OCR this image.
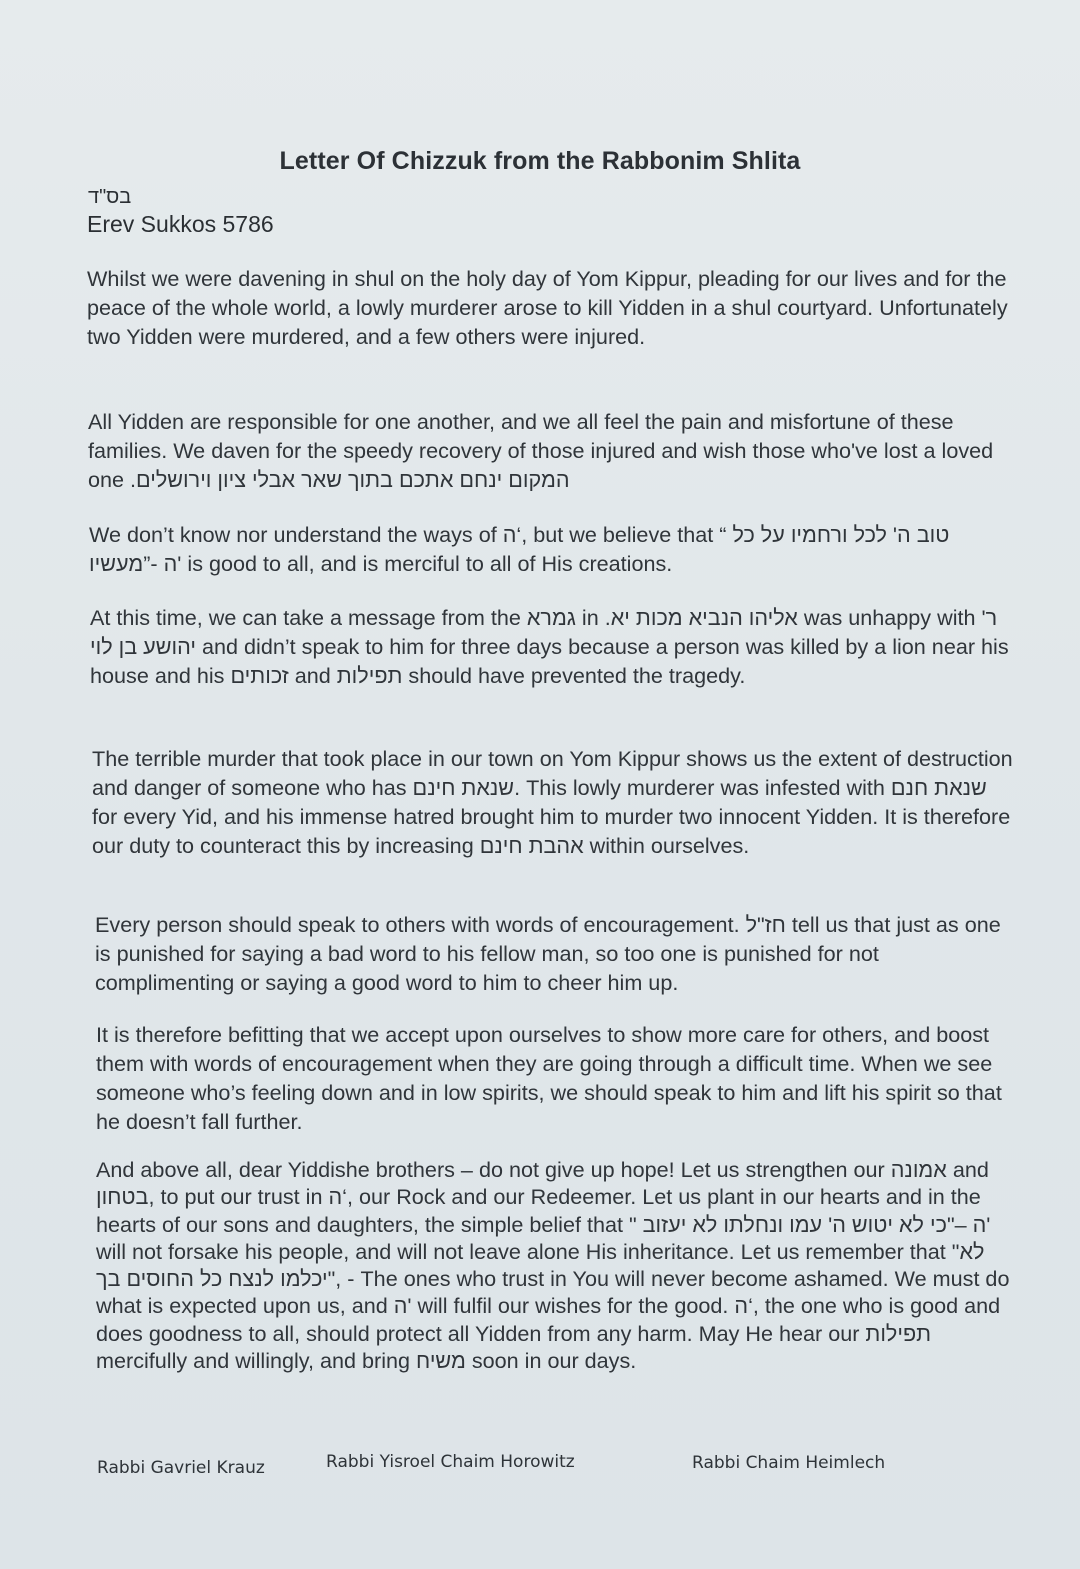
Letter Of Chizzuk from the Rabbonim Shlita
בס"ד
Erev Sukkos 5786
Whilst we were davening in shul on the holy day of Yom Kippur, pleading for our lives and for the peace of the whole world, a lowly murderer arose to kill Yidden in a shul courtyard. Unfortunately two Yidden were murdered, and a few others were injured.
All Yidden are responsible for one another, and we all feel the pain and misfortune of these families. We daven for the speedy recovery of those injured and wish those who've lost a loved one המקום ינחם אתכם בתוך שאר אבלי ציון וירושלים.
We don’t know nor understand the ways of ‘ה, but we believe that “ טוב ה' לכל ורחמיו על כל מעשיו”- 'ה is good to all, and is merciful to all of His creations.
At this time, we can take a message from the גמרא in מכות יא. אליהו הנביא was unhappy with ר' יהושע בן לוי and didn’t speak to him for three days because a person was killed by a lion near his house and his זכותים and תפילות should have prevented the tragedy.
The terrible murder that took place in our town on Yom Kippur shows us the extent of destruction and danger of someone who has שנאת חינם. This lowly murderer was infested with שנאת חנם for every Yid, and his immense hatred brought him to murder two innocent Yidden. It is therefore our duty to counteract this by increasing אהבת חינם within ourselves.
Every person should speak to others with words of encouragement. חז"ל tell us that just as one is punished for saying a bad word to his fellow man, so too one is punished for not complimenting or saying a good word to him to cheer him up.
It is therefore befitting that we accept upon ourselves to show more care for others, and boost them with words of encouragement when they are going through a difficult time. When we see someone who’s feeling down and in low spirits, we should speak to him and lift his spirit so that he doesn’t fall further.
And above all, dear Yiddishe brothers – do not give up hope! Let us strengthen our אמונה and בטחון, to put our trust in ‘ה, our Rock and our Redeemer. Let us plant in our hearts and in the hearts of our sons and daughters, the simple belief that " כי לא יטוש ה' עמו ונחלתו לא יעזוב"– 'ה will not forsake his people, and will not leave alone His inheritance. Let us remember that "לא יכלמו לנצח כל החוסים בך", - The ones who trust in You will never become ashamed. We must do what is expected upon us, and 'ה will fulfil our wishes for the good. ‘ה, the one who is good and does goodness to all, should protect all Yidden from any harm. May He hear our תפילות mercifully and willingly, and bring משיח soon in our days.
Rabbi Gavriel Krauz	Rabbi Yisroel Chaim Horowitz	Rabbi Chaim Heimlech
